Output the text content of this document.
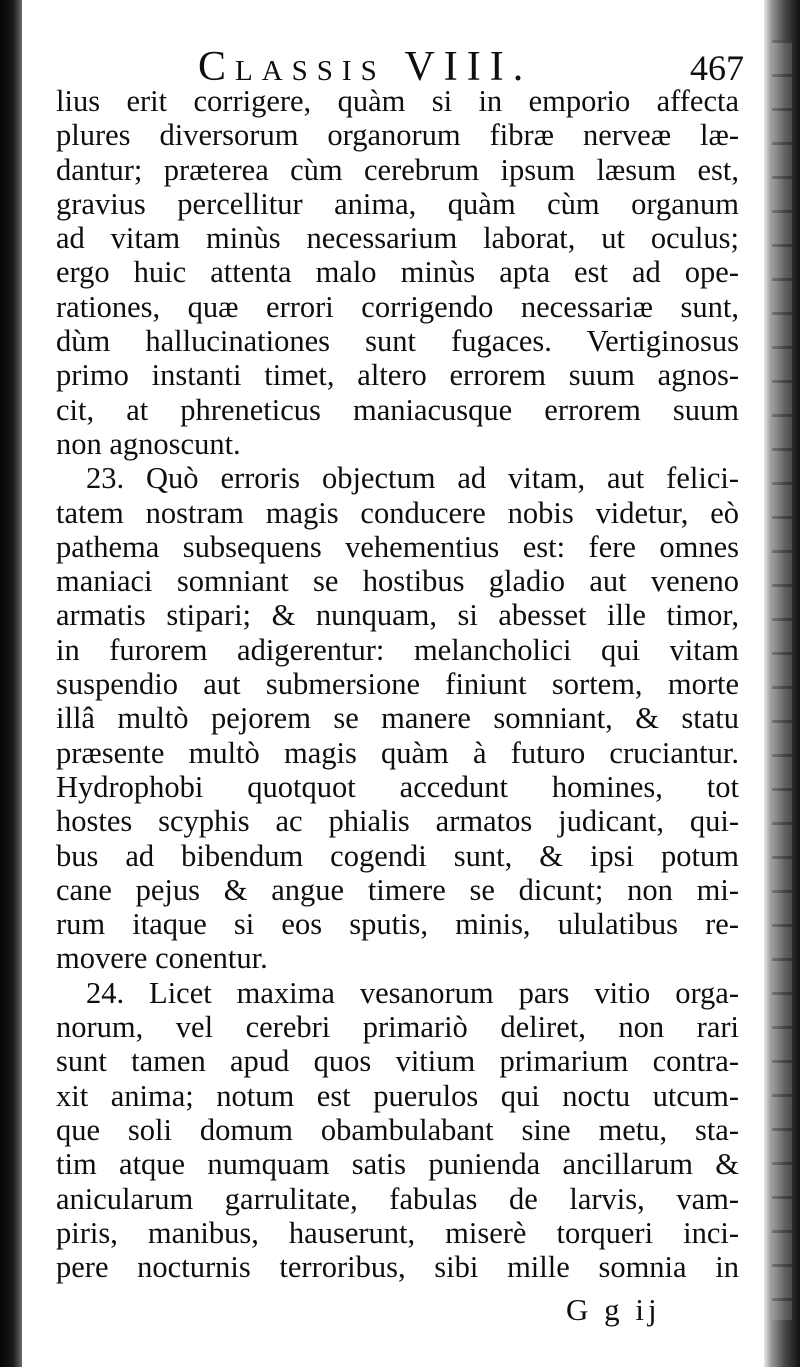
Classis VIII.	467
lius erit corrigere, quàm si in emporio affecta
plures diversorum organorum fibræ nerveæ læ-
dantur; præterea cùm cerebrum ipsum læsum est,
gravius percellitur anima, quàm cùm organum
ad vitam minùs necessarium laborat, ut oculus;
ergo huic attenta malo minùs apta est ad ope-
rationes, quæ errori corrigendo necessariæ sunt,
dùm hallucinationes sunt fugaces. Vertiginosus
primo instanti timet, altero errorem suum agnos-
cit, at phreneticus maniacusque errorem suum
non agnoscunt.
23. Quò erroris objectum ad vitam, aut felici-
tatem nostram magis conducere nobis videtur, eò
pathema subsequens vehementius est: fere omnes
maniaci somniant se hostibus gladio aut veneno
armatis stipari; & nunquam, si abesset ille timor,
in furorem adigerentur: melancholici qui vitam
suspendio aut submersione finiunt sortem, morte
illâ multò pejorem se manere somniant, & statu
præsente multò magis quàm à futuro cruciantur.
Hydrophobi quotquot accedunt homines, tot
hostes scyphis ac phialis armatos judicant, qui-
bus ad bibendum cogendi sunt, & ipsi potum
cane pejus & angue timere se dicunt; non mi-
rum itaque si eos sputis, minis, ululatibus re-
movere conentur.
24. Licet maxima vesanorum pars vitio orga-
norum, vel cerebri primariò deliret, non rari
sunt tamen apud quos vitium primarium contra-
xit anima; notum est puerulos qui noctu utcum-
que soli domum obambulabant sine metu, sta-
tim atque numquam satis punienda ancillarum &
anicularum garrulitate, fabulas de larvis, vam-
piris, manibus, hauserunt, miserè torqueri inci-
pere nocturnis terroribus, sibi mille somnia in
G g ij
